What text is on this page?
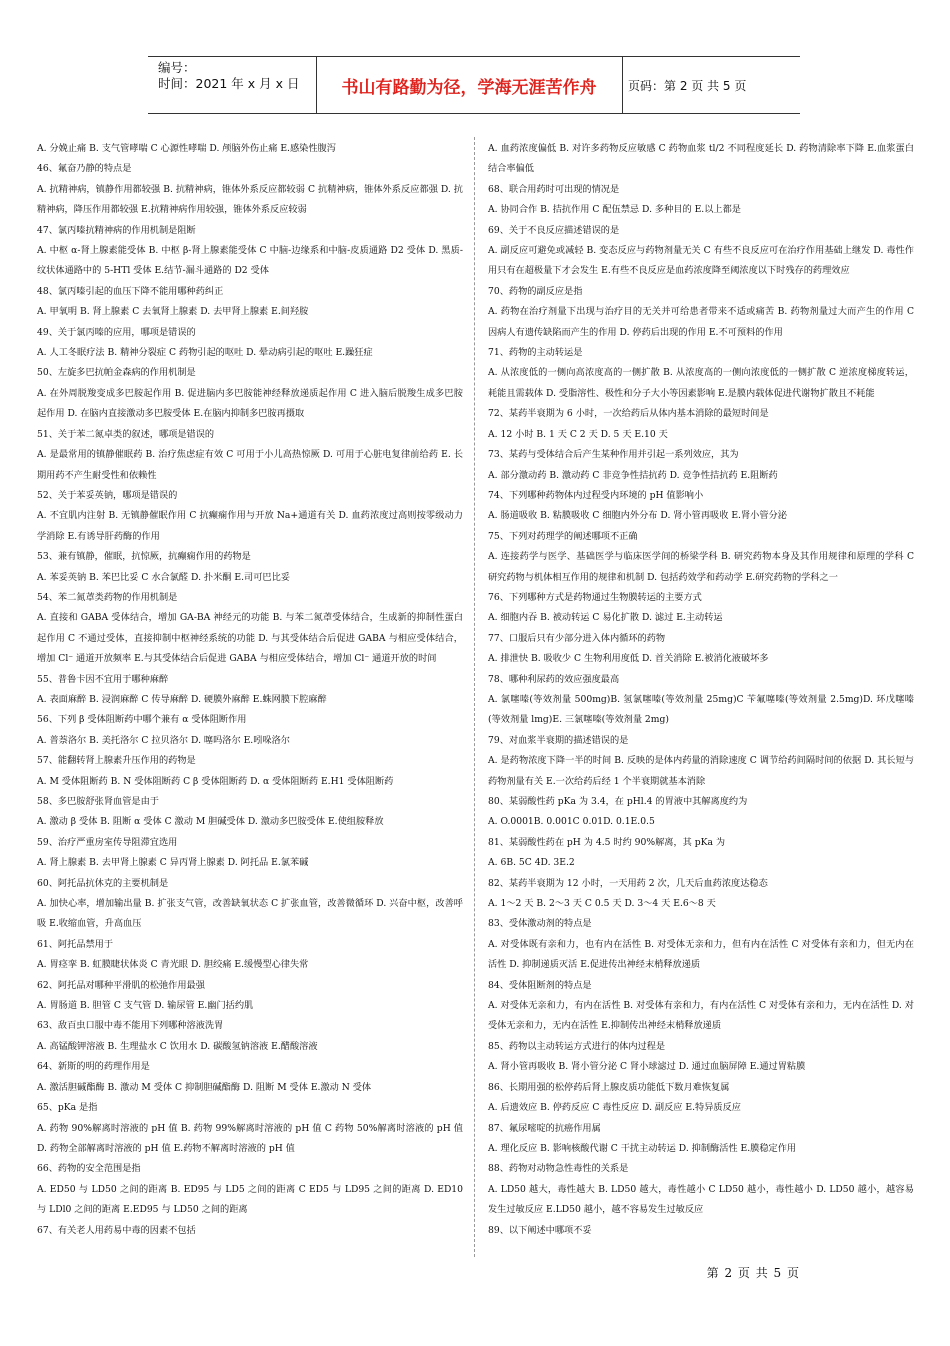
编号：
时间：2021 年 x 月 x 日	书山有路勤为径，学海无涯苦作舟	页码：第 2 页 共 5 页
A. 分娩止痛 B. 支气管哮喘 C 心源性哮喘 D. 颅脑外伤止痛 E.感染性腹泻
46、氟奋乃静的特点是
A. 抗精神病，镇静作用都较强 B. 抗精神病，锥体外系反应都较弱 C 抗精神病，锥体外系反应都强 D. 抗精神病，降压作用都较强 E.抗精神病作用较强，锥体外系反应较弱
47、氯丙嗪抗精神病的作用机制是阻断
A. 中枢 α-肾上腺素能受体 B. 中枢 β-肾上腺素能受体 C 中脑-边缘系和中脑-皮质通路 D2 受体 D. 黑质-纹状体通路中的 5-HTl 受体 E.结节-漏斗通路的 D2 受体
48、氯丙嗪引起的血压下降不能用哪种药纠正
A. 甲氧明 B. 肾上腺素 C 去氧肾上腺素 D. 去甲肾上腺素 E.间羟胺
49、关于氯丙嗪的应用，哪项是错误的
A. 人工冬眠疗法 B. 精神分裂症 C 药物引起的呕吐 D. 晕动病引起的呕吐 E.躁狂症
50、左旋多巴抗帕金森病的作用机制是
A. 在外周脱羧变成多巴胺起作用 B. 促进脑内多巴胺能神经释放递质起作用 C 进入脑后脱羧生成多巴胺起作用 D. 在脑内直接激动多巴胺受体 E.在脑内抑制多巴胺再摄取
51、关于苯二氮卓类的叙述，哪项是错误的
A. 是最常用的镇静催眠药 B. 治疗焦虑症有效 C 可用于小儿高热惊厥 D. 可用于心脏电复律前给药 E. 长期用药不产生耐受性和依赖性
52、关于苯妥英钠，哪项是错误的
A. 不宜肌内注射 B. 无镇静催眠作用 C 抗癫痫作用与开放 Na+通道有关 D. 血药浓度过高则按零级动力学消除 E.有诱导肝药酶的作用
53、兼有镇静，催眠，抗惊厥，抗癫痫作用的药物是
A. 苯妥英钠 B. 苯巴比妥 C 水合氯醛 D. 扑米酮 E.司可巴比妥
54、苯二氮䓬类药物的作用机制是
A. 直接和 GABA 受体结合，增加 GA-BA 神经元的功能 B. 与苯二氮䓬受体结合，生成新的抑制性蛋白起作用 C 不通过受体，直接抑制中枢神经系统的功能 D. 与其受体结合后促进 GABA 与相应受体结合，增加 Cl⁻ 通道开放频率 E.与其受体结合后促进 GABA 与相应受体结合，增加 Cl⁻ 通道开放的时间
55、普鲁卡因不宜用于哪种麻醉
A. 表面麻醉 B. 浸润麻醉 C 传导麻醉 D. 硬膜外麻醉 E.蛛网膜下腔麻醉
56、下列 β 受体阻断药中哪个兼有 α 受体阻断作用
A. 普萘洛尔 B. 美托洛尔 C 拉贝洛尔 D. 噻吗洛尔 E.吲哚洛尔
57、能翻转肾上腺素升压作用的药物是
A. M 受体阻断药 B. N 受体阻断药 C β 受体阻断药 D. α 受体阻断药 E.H1 受体阻断药
58、多巴胺舒张肾血管是由于
A. 激动 β 受体 B. 阻断 α 受体 C 激动 M 胆碱受体 D. 激动多巴胺受体 E.使组胺释放
59、治疗严重房室传导阻滞宜选用
A. 肾上腺素 B. 去甲肾上腺素 C 异丙肾上腺素 D. 阿托品 E.氯苯碱
60、阿托品抗休克的主要机制是
A. 加快心率，增加输出量 B. 扩张支气管，改善缺氧状态 C 扩张血管，改善微循环 D. 兴奋中枢，改善呼吸 E.收缩血管，升高血压
61、阿托品禁用于
A. 胃痉挛 B. 虹膜睫状体炎 C 青光眼 D. 胆绞痛 E.缓慢型心律失常
62、阿托品对哪种平滑肌的松弛作用最强
A. 胃肠道 B. 胆管 C 支气管 D. 输尿管 E.幽门括约肌
63、敌百虫口服中毒不能用下列哪种溶液洗胃
A. 高锰酸钾溶液 B. 生理盐水 C 饮用水 D. 碳酸氢钠溶液 E.醋酸溶液
64、新斯的明的药理作用是
A. 激活胆碱酯酶 B. 激动 M 受体 C 抑制胆碱酯酶 D. 阻断 M 受体 E.激动 N 受体
65、pKa 是指
A. 药物 90%解离时溶液的 pH 值 B. 药物 99%解离时溶液的 pH 值 C 药物 50%解离时溶液的 pH 值 D. 药物全部解离时溶液的 pH 值 E.药物不解离时溶液的 pH 值
66、药物的安全范围是指
A. ED50 与 LD50 之间的距离 B. ED95 与 LD5 之间的距离 C ED5 与 LD95 之间的距离 D. ED10 与 LDl0 之间的距离 E.ED95 与 LD50 之间的距离
67、有关老人用药易中毒的因素不包括
A. 血药浓度偏低 B. 对许多药物反应敏感 C 药物血浆 tl/2 不同程度延长 D. 药物清除率下降 E.血浆蛋白结合率偏低
68、联合用药时可出现的情况是
A. 协同合作 B. 拮抗作用 C 配伍禁忌 D. 多种目的 E.以上都是
69、关于不良反应描述错误的是
A. 副反应可避免或减轻 B. 变态反应与药物剂量无关 C 有些不良反应可在治疗作用基础上继发 D. 毒性作用只有在超极量下才会发生 E.有些不良反应是血药浓度降至阈浓度以下时残存的药理效应
70、药物的副反应是指
A. 药物在治疗剂量下出现与治疗目的无关并可给患者带来不适或痛苦 B. 药物剂量过大而产生的作用 C 因病人有遗传缺陷而产生的作用 D. 停药后出现的作用 E.不可预料的作用
71、药物的主动转运是
A. 从浓度低的一侧向高浓度高的一侧扩散 B. 从浓度高的一侧向浓度低的一侧扩散 C 逆浓度梯度转运，耗能且需载体 D. 受脂溶性、极性和分子大小等因素影响 E.是膜内载体促进代谢物扩散且不耗能
72、某药半衰期为 6 小时，一次给药后从体内基本消除的最短时间是
A. 12 小时 B. 1 天 C 2 天 D. 5 天 E.10 天
73、某药与受体结合后产生某种作用并引起一系列效应，其为
A. 部分激动药 B. 激动药 C 非竞争性拮抗药 D. 竞争性拮抗药 E.阻断药
74、下列哪种药物体内过程受内环境的 pH 值影响小
A. 肠道吸收 B. 粘膜吸收 C 细胞内外分布 D. 肾小管再吸收 E.肾小管分泌
75、下列对药理学的阐述哪项不正确
A. 连接药学与医学、基础医学与临床医学间的桥梁学科 B. 研究药物本身及其作用规律和原理的学科 C 研究药物与机体相互作用的规律和机制 D. 包括药效学和药动学 E.研究药物的学科之一
76、下列哪种方式是药物通过生物膜转运的主要方式
A. 细胞内吞 B. 被动转运 C 易化扩散 D. 滤过 E.主动转运
77、口服后只有少部分进入体内循环的药物
A. 排泄快 B. 吸收少 C 生物利用度低 D. 首关消除 E.被消化液破坏多
78、哪种利尿药的效应强度最高
A. 氯噻嗪(等效剂量 500mg)B. 氢氯噻嗪(等效剂量 25mg)C 苄氟噻嗪(等效剂量 2.5mg)D. 环戊噻嗪(等效剂量 lmg)E. 三氯噻嗪(等效剂量 2mg)
79、对血浆半衰期的描述错误的是
A. 是药物浓度下降一半的时间 B. 反映的是体内药量的消除速度 C 调节给药间隔时间的依据 D. 其长短与药物剂量有关 E.一次给药后经 1 个半衰期就基本消除
80、某弱酸性药 pKa 为 3.4，在 pHl.4 的胃液中其解离度约为
A. O.0001B. 0.001C 0.01D. 0.1E.0.5
81、某弱酸性药在 pH 为 4.5 时约 90%解离，其 pKa 为
A. 6B. 5C 4D. 3E.2
82、某药半衰期为 12 小时，一天用药 2 次，几天后血药浓度达稳态
A. 1～2 天 B. 2～3 天 C 0.5 天 D. 3～4 天 E.6～8 天
83、受体激动剂的特点是
A. 对受体既有亲和力，也有内在活性 B. 对受体无亲和力，但有内在活性 C 对受体有亲和力，但无内在活性 D. 抑制递质灭活 E.促进传出神经末梢释放递质
84、受体阻断剂的特点是
A. 对受体无亲和力，有内在活性 B. 对受体有亲和力，有内在活性 C 对受体有亲和力，无内在活性 D. 对受体无亲和力，无内在活性 E.抑制传出神经末梢释放递质
85、药物以主动转运方式进行的体内过程是
A. 肾小管再吸收 B. 肾小管分泌 C 肾小球滤过 D. 通过血脑屏障 E.通过胃粘膜
86、长期用强的松停药后肾上腺皮质功能低下数月难恢复属
A. 后遗效应 B. 停药反应 C 毒性反应 D. 副反应 E.特异质反应
87、氟尿嘧啶的抗癌作用属
A. 理化反应 B. 影响核酸代谢 C 干扰主动转运 D. 抑制酶活性 E.膜稳定作用
88、药物对动物急性毒性的关系是
A. LD50 越大，毒性越大 B. LD50 越大，毒性越小 C LD50 越小，毒性越小 D. LD50 越小，越容易发生过敏反应 E.LD50 越小，越不容易发生过敏反应
89、以下阐述中哪项不妥
第 2 页 共 5 页
